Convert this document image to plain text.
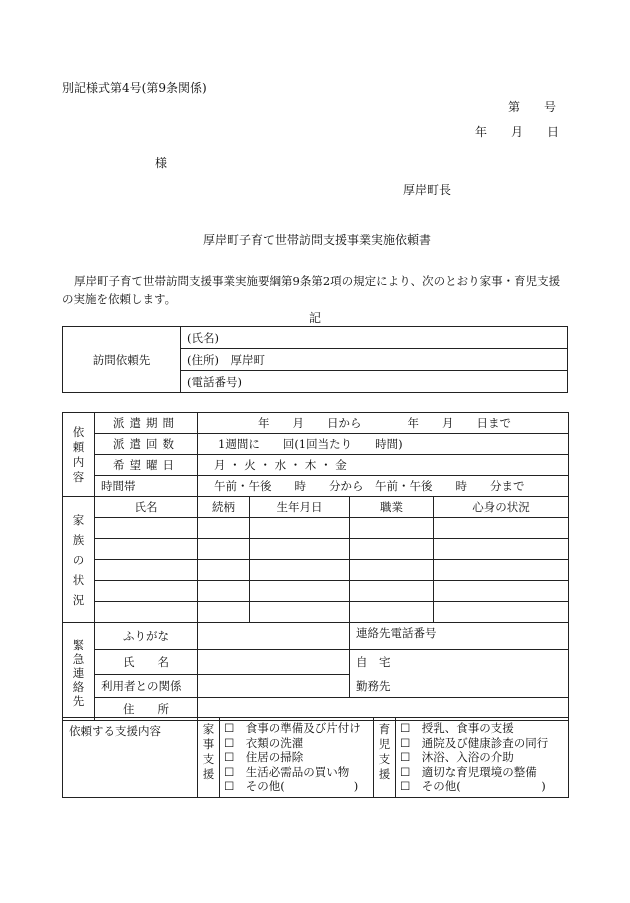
別記様式第4号(第9条関係)
第　　号
年　　月　　日
様
厚岸町長
厚岸町子育て世帯訪問支援事業実施依頼書
厚岸町子育て世帯訪問支援事業実施要綱第9条第2項の規定により、次のとおり家事・育児支援
の実施を依頼します。
記
訪問依頼先	(氏名)
(住所)　厚岸町
(電話番号)
依
頼
内
容	派遣期間	年　　月　　日から　　　　年　　月　　日まで			
	派遣回数	1週間に　　回(1回当たり　　時間)			
	希望曜日	月 ・ 火 ・ 水 ・ 木 ・ 金			
	時間帯	午前・午後　　時　　分から　午前・午後　　時　　分まで			

家
族
の
状
況	氏名	続柄	生年月日	職業	心身の状況

緊
急
連
絡
先	ふりがな			連絡先電話番号	
	氏　　名			自　宅	
	利用者との関係			勤務先	
	住　　所				
依頼する支援内容	家
事
支
援

☐　食事の準備及び片付け
☐　衣類の洗濯
☐　住居の掃除
☐　生活必需品の買い物
☐　その他(　　　　　　)

育
児
支
援

☐　授乳、食事の支援
☐　通院及び健康診査の同行
☐　沐浴、入浴の介助
☐　適切な育児環境の整備
☐　その他(　　　　　　　)
